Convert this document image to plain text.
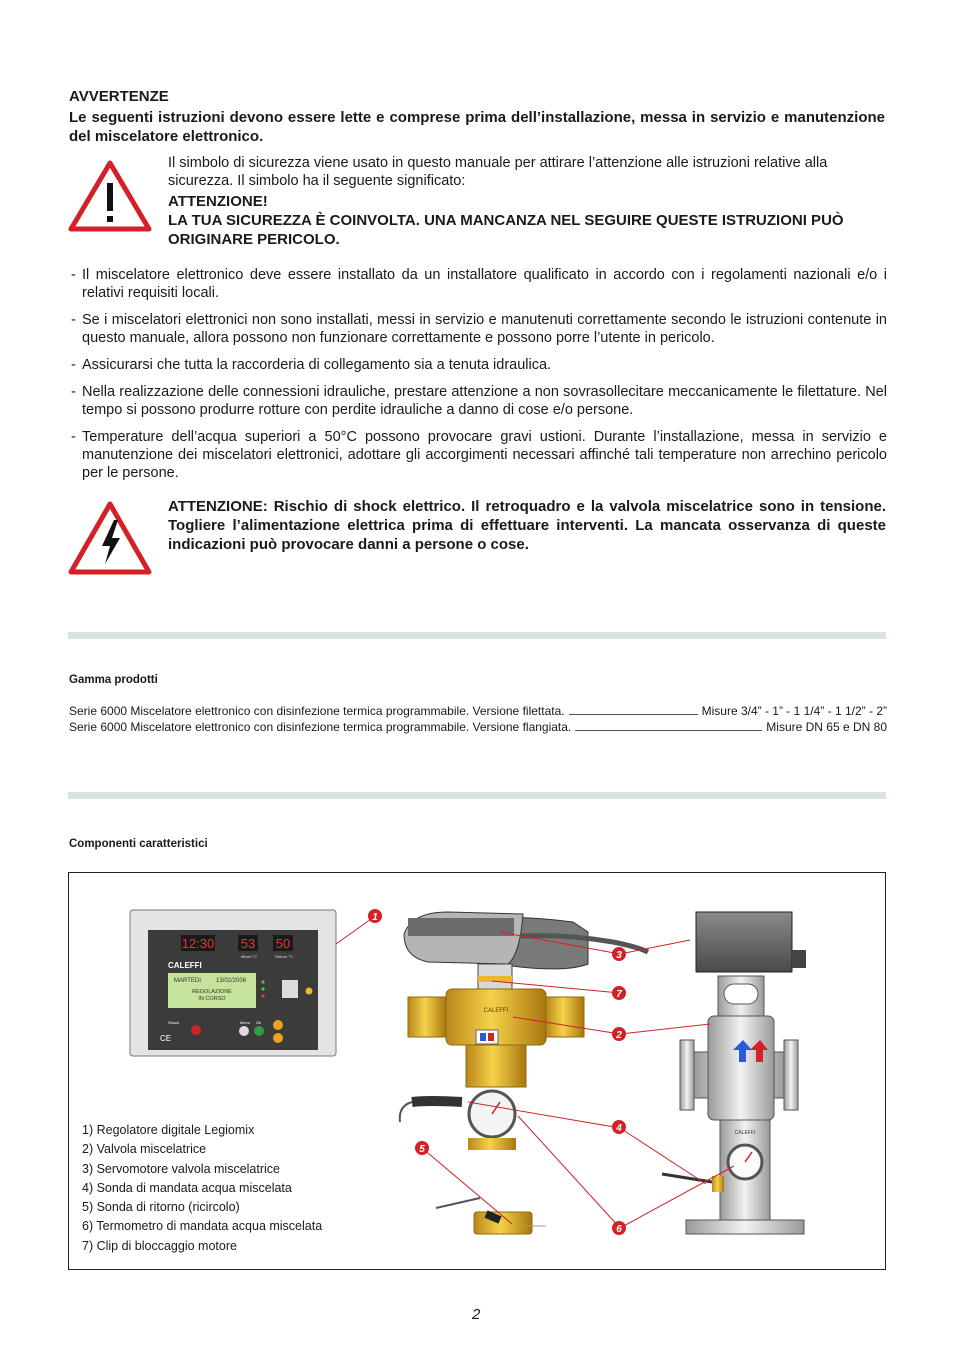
AVVERTENZE
Le seguenti istruzioni devono essere lette e comprese prima dell’installazione, messa in servizio e manutenzione del miscelatore elettronico.
Il simbolo di sicurezza viene usato in questo manuale per attirare l’attenzione alle istruzioni relative alla sicurezza. Il simbolo ha il seguente significato:
ATTENZIONE!
LA TUA SICUREZZA È COINVOLTA. UNA MANCANZA NEL SEGUIRE QUESTE ISTRUZIONI PUÒ ORIGINARE PERICOLO.
- Il miscelatore elettronico deve essere installato da un installatore qualificato in accordo con i regolamenti nazionali e/o i relativi requisiti locali.
- Se i miscelatori elettronici non sono installati, messi in servizio e manutenuti correttamente secondo le istruzioni contenute in questo manuale, allora possono non funzionare correttamente e possono porre l’utente in pericolo.
- Assicurarsi che tutta la raccorderia di collegamento sia a tenuta idraulica.
- Nella realizzazione delle connessioni idrauliche, prestare attenzione a non sovrasollecitare meccanicamente le filettature. Nel tempo si possono produrre rotture con perdite idrauliche a danno di cose e/o persone.
- Temperature dell’acqua superiori a 50°C possono provocare gravi ustioni. Durante l’installazione, messa in servizio e manutenzione dei miscelatori elettronici, adottare gli accorgimenti necessari affinché tali temperature non arrechino pericolo per le persone.
ATTENZIONE: Rischio di shock elettrico. Il retroquadro e la valvola miscelatrice sono in tensione. Togliere l’alimentazione elettrica prima di effettuare interventi. La mancata osservanza di queste indicazioni può provocare danni a persone o cose.
Gamma prodotti
Serie 6000 Miscelatore elettronico con disinfezione termica programmabile. Versione filettata.	Misure 3/4” - 1” - 1 1/4” - 1 1/2” - 2”
Serie 6000 Miscelatore elettronico con disinfezione termica programmabile. Versione flangiata.	Misure DN 65 e DN 80
Componenti caratteristici
12:30 53 50
Mixed °C	Return °C
CALEFFI
MARTEDI	13/02/2006
REGOLAZIONE
IN CORSO
Shock	Menu Ok
CE
CALEFFI
CALEFFI
1
3
7
2
4
5
6
1) Regolatore digitale Legiomix
2) Valvola miscelatrice
3) Servomotore valvola miscelatrice
4) Sonda di mandata acqua miscelata
5) Sonda di ritorno (ricircolo)
6) Termometro di mandata acqua miscelata
7) Clip di bloccaggio motore
2
